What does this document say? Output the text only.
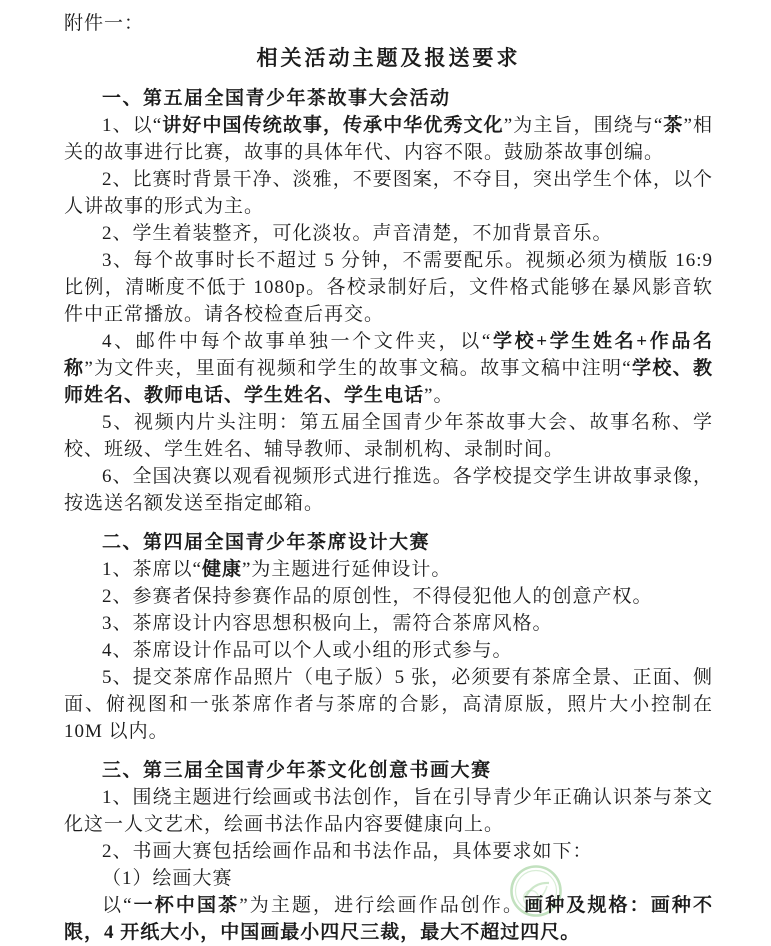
附件一：

相关活动主题及报送要求
一、第五届全国青少年茶故事大会活动

1、以“讲好中国传统故事，传承中华优秀文化”为主旨，围绕与“茶”相关的故事进行比赛，故事的具体年代、内容不限。鼓励茶故事创编。

2、比赛时背景干净、淡雅，不要图案，不夺目，突出学生个体，以个人讲故事的形式为主。

2、学生着装整齐，可化淡妆。声音清楚，不加背景音乐。

3、每个故事时长不超过 5 分钟，不需要配乐。视频必须为横版 16:9 比例，清晰度不低于 1080p。各校录制好后，文件格式能够在暴风影音软件中正常播放。请各校检查后再交。

4、邮件中每个故事单独一个文件夹，以“学校+学生姓名+作品名称”为文件夹，里面有视频和学生的故事文稿。故事文稿中注明“学校、教师姓名、教师电话、学生姓名、学生电话”。

5、视频内片头注明：第五届全国青少年茶故事大会、故事名称、学校、班级、学生姓名、辅导教师、录制机构、录制时间。

6、全国决赛以观看视频形式进行推选。各学校提交学生讲故事录像，按选送名额发送至指定邮箱。

二、第四届全国青少年茶席设计大赛

1、茶席以“健康”为主题进行延伸设计。

2、参赛者保持参赛作品的原创性，不得侵犯他人的创意产权。

3、茶席设计内容思想积极向上，需符合茶席风格。

4、茶席设计作品可以个人或小组的形式参与。

5、提交茶席作品照片（电子版）5 张，必须要有茶席全景、正面、侧面、俯视图和一张茶席作者与茶席的合影，高清原版，照片大小控制在 10M 以内。

三、第三届全国青少年茶文化创意书画大赛

1、围绕主题进行绘画或书法创作，旨在引导青少年正确认识茶与茶文化这一人文艺术，绘画书法作品内容要健康向上。

2、书画大赛包括绘画作品和书法作品，具体要求如下：

（1）绘画大赛

以“一杯中国茶”为主题，进行绘画作品创作。画种及规格：画种不限，4 开纸大小，中国画最小四尺三裁，最大不超过四尺。
